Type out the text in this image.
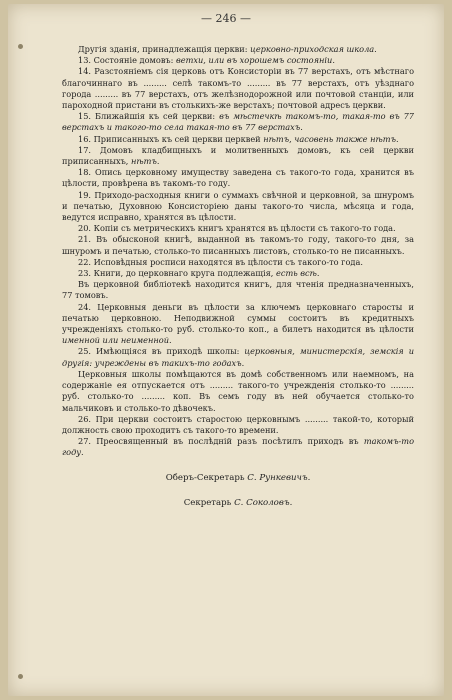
— 246 —

Другія зданія, принадлежащія церкви: церковно-приходская школа.

13. Состояніе домовъ: ветхи, или въ хорошемъ состояніи.

14. Разстояніемъ сія церковь отъ Консисторіи въ 77 верстахъ, отъ мѣстнаго благочиннаго въ ......... селѣ такомъ-то ......... въ 77 верстахъ, отъ уѣзднаго города ......... въ 77 верстахъ, отъ желѣзнодорожной или почтовой станціи, или пароходной пристани въ столькихъ-же верстахъ; почтовой адресъ церкви.

15. Ближайшія къ сей церкви: въ мѣстечкѣ такомъ-то, такая-то въ 77 верстахъ и такого-то села такая-то въ 77 верстахъ.

16. Приписанныхъ къ сей церкви церквей нѣтъ, часовень также нѣтъ.

17. Домовъ кладбищныхъ и молитвенныхъ домовъ, къ сей церкви приписанныхъ, нѣтъ.

18. Опись церковному имуществу заведена съ такого-то года, хранится въ цѣлости, провѣрена въ такомъ-то году.

19. Приходо-расходныя книги о суммахъ свѣчной и церковной, за шнуромъ и печатью, Духовною Консисторіею даны такого-то числа, мѣсяца и года, ведутся исправно, хранятся въ цѣлости.

20. Копіи съ метрическихъ книгъ хранятся въ цѣлости съ такого-то года.

21. Въ обысконой книгѣ, выданной въ такомъ-то году, такого-то дня, за шнуромъ и печатью, столько-то писанныхъ листовъ, столько-то не писанныхъ.

22. Исповѣдныя росписи находятся въ цѣлости съ такого-то года.

23. Книги, до церковнаго круга подлежащія, есть всѣ.

Въ церковной библіотекѣ находится книгъ, для чтенія предназначенныхъ, 77 томовъ.

24. Церковныя деньги въ цѣлости за ключемъ церковнаго старосты и печатью церковною. Неподвижной суммы состоитъ въ кредитныхъ учрежденіяхъ столько-то руб. столько-то коп., а билетъ находится въ цѣлости именной или неименной.

25. Имѣющіяся въ приходѣ школы: церковныя, министерскія, земскія и другія: учреждены въ такихъ-то годахъ.

Церковныя школы помѣщаются въ домѣ собственномъ или наемномъ, на содержаніе ея отпускается отъ ......... такого-то учрежденія столько-то ......... руб. столько-то ......... коп. Въ семъ году въ ней обучается столько-то мальчиковъ и столько-то дѣвочекъ.

26. При церкви состоитъ старостою церковнымъ ......... такой-то, который должность свою проходитъ съ такого-то времени.

27. Преосвященный въ послѣдній разъ посѣтилъ приходъ въ такомъ-то году.

Оберъ-Секретарь С. Рункевичъ.

Секретарь С. Соколовъ.
